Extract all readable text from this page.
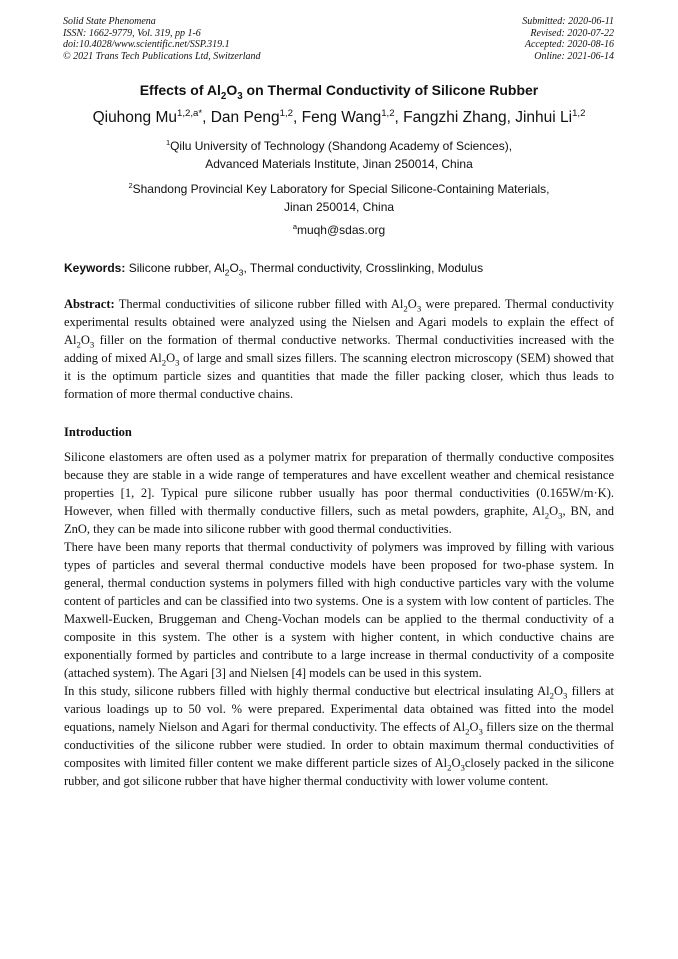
Solid State Phenomena
ISSN: 1662-9779, Vol. 319, pp 1-6
doi:10.4028/www.scientific.net/SSP.319.1
© 2021 Trans Tech Publications Ltd, Switzerland
Submitted: 2020-06-11
Revised: 2020-07-22
Accepted: 2020-08-16
Online: 2021-06-14
Effects of $Al_2O_3$ on Thermal Conductivity of Silicone Rubber
Qiuhong $Mu^{1,2,a*}$, Dan Peng$^{1,2}$, Feng Wang$^{1,2}$, Fangzhi Zhang, Jinhui Li$^{1,2}$
$^1$Qilu University of Technology (Shandong Academy of Sciences),
Advanced Materials Institute, Jinan 250014, China
$^2$Shandong Provincial Key Laboratory for Special Silicone-Containing Materials,
Jinan 250014, China
$^a$muqh@sdas.org
Keywords: Silicone rubber, $Al_2O_3$, Thermal conductivity, Crosslinking, Modulus
Abstract: Thermal conductivities of silicone rubber filled with $Al_2O_3$ were prepared. Thermal conductivity experimental results obtained were analyzed using the Nielsen and Agari models to explain the effect of $Al_2O_3$ filler on the formation of thermal conductive networks. Thermal conductivities increased with the adding of mixed $Al_2O_3$ of large and small sizes fillers. The scanning electron microscopy (SEM) showed that it is the optimum particle sizes and quantities that made the filler packing closer, which thus leads to formation of more thermal conductive chains.
Introduction

Silicone elastomers are often used as a polymer matrix for preparation of thermally conductive composites because they are stable in a wide range of temperatures and have excellent weather and chemical resistance properties [1, 2]. Typical pure silicone rubber usually has poor thermal conductivities (0.165W/m·K). However, when filled with thermally conductive fillers, such as metal powders, graphite, $Al_2O_3$, BN, and ZnO, they can be made into silicone rubber with good thermal conductivities.

There have been many reports that thermal conductivity of polymers was improved by filling with various types of particles and several thermal conductive models have been proposed for two-phase system. In general, thermal conduction systems in polymers filled with high conductive particles vary with the volume content of particles and can be classified into two systems. One is a system with low content of particles. The Maxwell-Eucken, Bruggeman and Cheng-Vochan models can be applied to the thermal conductivity of a composite in this system. The other is a system with higher content, in which conductive chains are exponentially formed by particles and contribute to a large increase in thermal conductivity of a composite (attached system). The Agari [3] and Nielsen [4] models can be used in this system.

In this study, silicone rubbers filled with highly thermal conductive but electrical insulating $Al_2O_3$ fillers at various loadings up to 50 vol. % were prepared. Experimental data obtained was fitted into the model equations, namely Nielson and Agari for thermal conductivity. The effects of $Al_2O_3$ fillers size on the thermal conductivities of the silicone rubber were studied. In order to obtain maximum thermal conductivities of composites with limited filler content we make different particle sizes of $Al_2O_3closely$ packed in the silicone rubber, and got silicone rubber that have higher thermal conductivity with lower volume content.
